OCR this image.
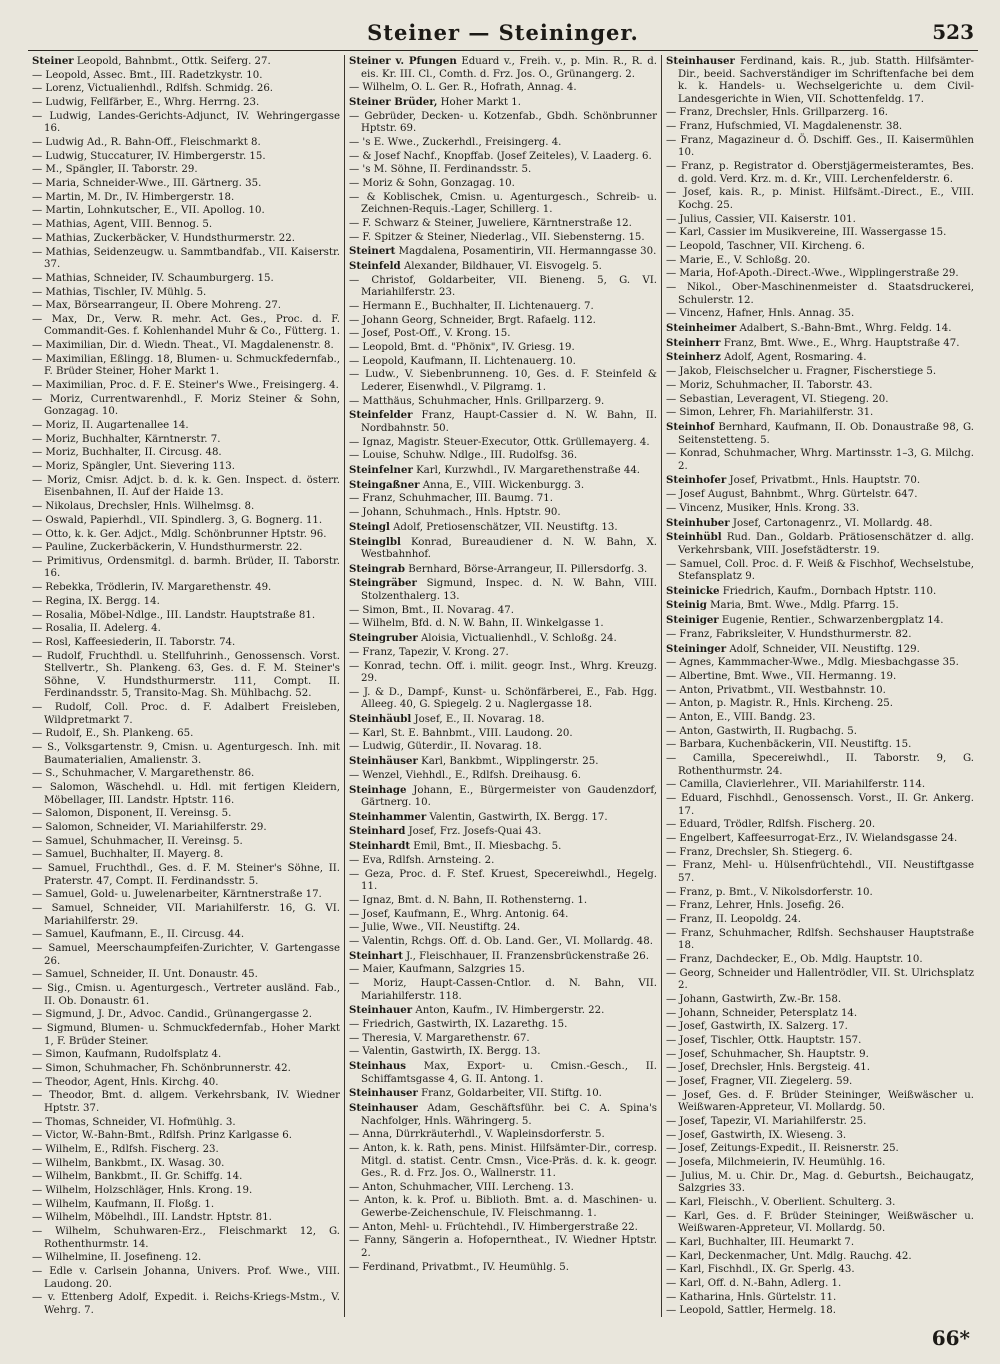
Steiner — Steininger.	523

Steiner Leopold, Bahnbmt., Ottk. Seiferg. 27.

— Leopold, Assec. Bmt., III. Radetzkystr. 10.

— Lorenz, Victualienhdl., Rdlfsh. Schmidg. 26.

— Ludwig, Fellfärber, E., Whrg. Herrng. 23.

— Ludwig, Landes-Gerichts-Adjunct, IV. Wehringergasse 16.

— Ludwig Ad., R. Bahn-Off., Fleischmarkt 8.

— Ludwig, Stuccaturer, IV. Himbergerstr. 15.

— M., Spängler, II. Taborstr. 29.

— Maria, Schneider-Wwe., III. Gärtnerg. 35.

— Martin, M. Dr., IV. Himbergerstr. 18.

— Martin, Lohnkutscher, E., VII. Apollog. 10.

— Mathias, Agent, VIII. Bennog. 5.

— Mathias, Zuckerbäcker, V. Hundsthurmerstr. 22.

— Mathias, Seidenzeugw. u. Sammtbandfab., VII. Kaiserstr. 37.

— Mathias, Schneider, IV. Schaumburgerg. 15.

— Mathias, Tischler, IV. Mühlg. 5.

— Max, Börsearrangeur, II. Obere Mohreng. 27.

— Max, Dr., Verw. R. mehr. Act. Ges., Proc. d. F. Commandit-Ges. f. Kohlenhandel Muhr & Co., Fütterg. 1.

— Maximilian, Dir. d. Wiedn. Theat., VI. Magdalenenstr. 8.

— Maximilian, Eßlingg. 18, Blumen- u. Schmuckfedernfab., F. Brüder Steiner, Hoher Markt 1.

— Maximilian, Proc. d. F. E. Steiner's Wwe., Freisingerg. 4.

— Moriz, Currentwarenhdl., F. Moriz Steiner & Sohn, Gonzagag. 10.

— Moriz, II. Augartenallee 14.

— Moriz, Buchhalter, Kärntnerstr. 7.

— Moriz, Buchhalter, II. Circusg. 48.

— Moriz, Spängler, Unt. Sievering 113.

— Moriz, Cmisr. Adjct. b. d. k. k. Gen. Inspect. d. österr. Eisenbahnen, II. Auf der Haide 13.

— Nikolaus, Drechsler, Hnls. Wilhelmsg. 8.

— Oswald, Papierhdl., VII. Spindlerg. 3, G. Bognerg. 11.

— Otto, k. k. Ger. Adjct., Mdlg. Schönbrunner Hptstr. 96.

— Pauline, Zuckerbäckerin, V. Hundsthurmerstr. 22.

— Primitivus, Ordensmitgl. d. barmh. Brüder, II. Taborstr. 16.

— Rebekka, Trödlerin, IV. Margarethenstr. 49.

— Regina, IX. Bergg. 14.

— Rosalia, Möbel-Ndlge., III. Landstr. Hauptstraße 81.

— Rosalia, II. Adelerg. 4.

— Rosl, Kaffeesiederin, II. Taborstr. 74.

— Rudolf, Fruchthdl. u. Stellfuhrinh., Genossensch. Vorst. Stellvertr., Sh. Plankeng. 63, Ges. d. F. M. Steiner's Söhne, V. Hundsthurmerstr. 111, Compt. II. Ferdinandsstr. 5, Transito-Mag. Sh. Mühlbachg. 52.

— Rudolf, Coll. Proc. d. F. Adalbert Freisleben, Wildpretmarkt 7.

— Rudolf, E., Sh. Plankeng. 65.

— S., Volksgartenstr. 9, Cmisn. u. Agenturgesch. Inh. mit Baumaterialien, Amalienstr. 3.

— S., Schuhmacher, V. Margarethenstr. 86.

— Salomon, Wäschehdl. u. Hdl. mit fertigen Kleidern, Möbellager, III. Landstr. Hptstr. 116.

— Salomon, Disponent, II. Vereinsg. 5.

— Salomon, Schneider, VI. Mariahilferstr. 29.

— Samuel, Schuhmacher, II. Vereinsg. 5.

— Samuel, Buchhalter, II. Mayerg. 8.

— Samuel, Fruchthdl., Ges. d. F. M. Steiner's Söhne, II. Praterstr. 47, Compt. II. Ferdinandsstr. 5.

— Samuel, Gold- u. Juwelenarbeiter, Kärntnerstraße 17.

— Samuel, Schneider, VII. Mariahilferstr. 16, G. VI. Mariahilferstr. 29.

— Samuel, Kaufmann, E., II. Circusg. 44.

— Samuel, Meerschaumpfeifen-Zurichter, V. Gartengasse 26.

— Samuel, Schneider, II. Unt. Donaustr. 45.

— Sig., Cmisn. u. Agenturgesch., Vertreter ausländ. Fab., II. Ob. Donaustr. 61.

— Sigmund, J. Dr., Advoc. Candid., Grünangergasse 2.

— Sigmund, Blumen- u. Schmuckfedernfab., Hoher Markt 1, F. Brüder Steiner.

— Simon, Kaufmann, Rudolfsplatz 4.

— Simon, Schuhmacher, Fh. Schönbrunnerstr. 42.

— Theodor, Agent, Hnls. Kirchg. 40.

— Theodor, Bmt. d. allgem. Verkehrsbank, IV. Wiedner Hptstr. 37.

— Thomas, Schneider, VI. Hofmühlg. 3.

— Victor, W.-Bahn-Bmt., Rdlfsh. Prinz Karlgasse 6.

— Wilhelm, E., Rdlfsh. Fischerg. 23.

— Wilhelm, Bankbmt., IX. Wasag. 30.

— Wilhelm, Bankbmt., II. Gr. Schiffg. 14.

— Wilhelm, Holzschläger, Hnls. Krong. 19.

— Wilhelm, Kaufmann, II. Floßg. 1.

— Wilhelm, Möbelhdl., III. Landstr. Hptstr. 81.

— Wilhelm, Schuhwaren-Erz., Fleischmarkt 12, G. Rothenthurmstr. 14.

— Wilhelmine, II. Josefineng. 12.

— Edle v. Carlsein Johanna, Univers. Prof. Wwe., VIII. Laudong. 20.

— v. Ettenberg Adolf, Expedit. i. Reichs-Kriegs-Mstm., V. Wehrg. 7.

Steiner v. Pfungen Eduard v., Freih. v., p. Min. R., R. d. eis. Kr. III. Cl., Comth. d. Frz. Jos. O., Grünangerg. 2.

— Wilhelm, O. L. Ger. R., Hofrath, Annag. 4.

Steiner Brüder, Hoher Markt 1.

— Gebrüder, Decken- u. Kotzenfab., Gbdh. Schönbrunner Hptstr. 69.

— 's E. Wwe., Zuckerhdl., Freisingerg. 4.

— & Josef Nachf., Knopffab. (Josef Zeiteles), V. Laaderg. 6.

— 's M. Söhne, II. Ferdinandsstr. 5.

— Moriz & Sohn, Gonzagag. 10.

— & Koblischek, Cmisn. u. Agenturgesch., Schreib- u. Zeichnen-Requis.-Lager, Schillerg. 1.

— F. Schwarz & Steiner, Juweliere, Kärntnerstraße 12.

— F. Spitzer & Steiner, Niederlag., VII. Siebensterng. 15.

Steinert Magdalena, Posamentirin, VII. Hermanngasse 30.

Steinfeld Alexander, Bildhauer, VI. Eisvogelg. 5.

— Christof, Goldarbeiter, VII. Bieneng. 5, G. VI. Mariahilferstr. 23.

— Hermann E., Buchhalter, II. Lichtenauerg. 7.

— Johann Georg, Schneider, Brgt. Rafaelg. 112.

— Josef, Post-Off., V. Krong. 15.

— Leopold, Bmt. d. "Phönix", IV. Griesg. 19.

— Leopold, Kaufmann, II. Lichtenauerg. 10.

— Ludw., V. Siebenbrunneng. 10, Ges. d. F. Steinfeld & Lederer, Eisenwhdl., V. Pilgramg. 1.

— Matthäus, Schuhmacher, Hnls. Grillparzerg. 9.

Steinfelder Franz, Haupt-Cassier d. N. W. Bahn, II. Nordbahnstr. 50.

— Ignaz, Magistr. Steuer-Executor, Ottk. Grüllemayerg. 4.

— Louise, Schuhw. Ndlge., III. Rudolfsg. 36.

Steinfelner Karl, Kurzwhdl., IV. Margarethenstraße 44.

Steingaßner Anna, E., VIII. Wickenburgg. 3.

— Franz, Schuhmacher, III. Baumg. 71.

— Johann, Schuhmach., Hnls. Hptstr. 90.

Steingl Adolf, Pretiosenschätzer, VII. Neustiftg. 13.

Steinglbl Konrad, Bureaudiener d. N. W. Bahn, X. Westbahnhof.

Steingrab Bernhard, Börse-Arrangeur, II. Pillersdorfg. 3.

Steingräber Sigmund, Inspec. d. N. W. Bahn, VIII. Stolzenthalerg. 13.

— Simon, Bmt., II. Novarag. 47.

— Wilhelm, Bfd. d. N. W. Bahn, II. Winkelgasse 1.

Steingruber Aloisia, Victualienhdl., V. Schloßg. 24.

— Franz, Tapezir, V. Krong. 27.

— Konrad, techn. Off. i. milit. geogr. Inst., Whrg. Kreuzg. 29.

— J. & D., Dampf-, Kunst- u. Schönfärberei, E., Fab. Hgg. Alleeg. 40, G. Spiegelg. 2 u. Naglergasse 18.

Steinhäubl Josef, E., II. Novarag. 18.

— Karl, St. E. Bahnbmt., VIII. Laudong. 20.

— Ludwig, Güterdir., II. Novarag. 18.

Steinhäuser Karl, Bankbmt., Wipplingerstr. 25.

— Wenzel, Viehhdl., E., Rdlfsh. Dreihausg. 6.

Steinhage Johann, E., Bürgermeister von Gaudenzdorf, Gärtnerg. 10.

Steinhammer Valentin, Gastwirth, IX. Bergg. 17.

Steinhard Josef, Frz. Josefs-Quai 43.

Steinhardt Emil, Bmt., II. Miesbachg. 5.

— Eva, Rdlfsh. Arnsteing. 2.

— Geza, Proc. d. F. Stef. Kruest, Specereiwhdl., Hegelg. 11.

— Ignaz, Bmt. d. N. Bahn, II. Rothensterng. 1.

— Josef, Kaufmann, E., Whrg. Antonig. 64.

— Julie, Wwe., VII. Neustiftg. 24.

— Valentin, Rchgs. Off. d. Ob. Land. Ger., VI. Mollardg. 48.

Steinhart J., Fleischhauer, II. Franzensbrückenstraße 26.

— Maier, Kaufmann, Salzgries 15.

— Moriz, Haupt-Cassen-Cntlor. d. N. Bahn, VII. Mariahilferstr. 118.

Steinhauer Anton, Kaufm., IV. Himbergerstr. 22.

— Friedrich, Gastwirth, IX. Lazarethg. 15.

— Theresia, V. Margarethenstr. 67.

— Valentin, Gastwirth, IX. Bergg. 13.

Steinhaus Max, Export- u. Cmisn.-Gesch., II. Schiffamtsgasse 4, G. II. Antong. 1.

Steinhauser Franz, Goldarbeiter, VII. Stiftg. 10.

Steinhauser Adam, Geschäftsführ. bei C. A. Spina's Nachfolger, Hnls. Währingerg. 5.

— Anna, Dürrkräuterhdl., V. Wapleinsdorferstr. 5.

— Anton, k. k. Rath, pens. Minist. Hilfsämter-Dir., corresp. Mitgl. d. statist. Centr. Cmsn., Vice-Präs. d. k. k. geogr. Ges., R. d. Frz. Jos. O., Wallnerstr. 11.

— Anton, Schuhmacher, VIII. Lercheng. 13.

— Anton, k. k. Prof. u. Biblioth. Bmt. a. d. Maschinen- u. Gewerbe-Zeichenschule, IV. Fleischmanng. 1.

— Anton, Mehl- u. Früchtehdl., IV. Himbergerstraße 22.

— Fanny, Sängerin a. Hofoperntheat., IV. Wiedner Hptstr. 2.

— Ferdinand, Privatbmt., IV. Heumühlg. 5.

Steinhauser Ferdinand, kais. R., jub. Statth. Hilfsämter-Dir., beeid. Sachverständiger im Schriftenfache bei dem k. k. Handels- u. Wechselgerichte u. dem Civil-Landesgerichte in Wien, VII. Schottenfeldg. 17.

— Franz, Drechsler, Hnls. Grillparzerg. 16.

— Franz, Hufschmied, VI. Magdalenenstr. 38.

— Franz, Magazineur d. Ö. Dschiff. Ges., II. Kaisermühlen 10.

— Franz, p. Registrator d. Oberstjägermeisteramtes, Bes. d. gold. Verd. Krz. m. d. Kr., VIII. Lerchenfelderstr. 6.

— Josef, kais. R., p. Minist. Hilfsämt.-Direct., E., VIII. Kochg. 25.

— Julius, Cassier, VII. Kaiserstr. 101.

— Karl, Cassier im Musikvereine, III. Wassergasse 15.

— Leopold, Taschner, VII. Kircheng. 6.

— Marie, E., V. Schloßg. 20.

— Maria, Hof-Apoth.-Direct.-Wwe., Wipplingerstraße 29.

— Nikol., Ober-Maschinenmeister d. Staatsdruckerei, Schulerstr. 12.

— Vincenz, Hafner, Hnls. Annag. 35.

Steinheimer Adalbert, S.-Bahn-Bmt., Whrg. Feldg. 14.

Steinherr Franz, Bmt. Wwe., E., Whrg. Hauptstraße 47.

Steinherz Adolf, Agent, Rosmaring. 4.

— Jakob, Fleischselcher u. Fragner, Fischerstiege 5.

— Moriz, Schuhmacher, II. Taborstr. 43.

— Sebastian, Leveragent, VI. Stiegeng. 20.

— Simon, Lehrer, Fh. Mariahilferstr. 31.

Steinhof Bernhard, Kaufmann, II. Ob. Donaustraße 98, G. Seitenstetteng. 5.

— Konrad, Schuhmacher, Whrg. Martinsstr. 1–3, G. Milchg. 2.

Steinhofer Josef, Privatbmt., Hnls. Hauptstr. 70.

— Josef August, Bahnbmt., Whrg. Gürtelstr. 647.

— Vincenz, Musiker, Hnls. Krong. 33.

Steinhuber Josef, Cartonagenrz., VI. Mollardg. 48.

Steinhübl Rud. Dan., Goldarb. Prätiosenschätzer d. allg. Verkehrsbank, VIII. Josefstädterstr. 19.

— Samuel, Coll. Proc. d. F. Weiß & Fischhof, Wechselstube, Stefansplatz 9.

Steinicke Friedrich, Kaufm., Dornbach Hptstr. 110.

Steinig Maria, Bmt. Wwe., Mdlg. Pfarrg. 15.

Steiniger Eugenie, Rentier., Schwarzenbergplatz 14.

— Franz, Fabriksleiter, V. Hundsthurmerstr. 82.

Steininger Adolf, Schneider, VII. Neustiftg. 129.

— Agnes, Kammmacher-Wwe., Mdlg. Miesbachgasse 35.

— Albertine, Bmt. Wwe., VII. Hermanng. 19.

— Anton, Privatbmt., VII. Westbahnstr. 10.

— Anton, p. Magistr. R., Hnls. Kircheng. 25.

— Anton, E., VIII. Bandg. 23.

— Anton, Gastwirth, II. Rugbachg. 5.

— Barbara, Kuchenbäckerin, VII. Neustiftg. 15.

— Camilla, Specereiwhdl., II. Taborstr. 9, G. Rothenthurmstr. 24.

— Camilla, Clavierlehrer., VII. Mariahilferstr. 114.

— Eduard, Fischhdl., Genossensch. Vorst., II. Gr. Ankerg. 17.

— Eduard, Trödler, Rdlfsh. Fischerg. 20.

— Engelbert, Kaffeesurrogat-Erz., IV. Wielandsgasse 24.

— Franz, Drechsler, Sh. Stiegerg. 6.

— Franz, Mehl- u. Hülsenfrüchtehdl., VII. Neustiftgasse 57.

— Franz, p. Bmt., V. Nikolsdorferstr. 10.

— Franz, Lehrer, Hnls. Josefig. 26.

— Franz, II. Leopoldg. 24.

— Franz, Schuhmacher, Rdlfsh. Sechshauser Hauptstraße 18.

— Franz, Dachdecker, E., Ob. Mdlg. Hauptstr. 10.

— Georg, Schneider und Hallentrödler, VII. St. Ulrichsplatz 2.

— Johann, Gastwirth, Zw.-Br. 158.

— Johann, Schneider, Petersplatz 14.

— Josef, Gastwirth, IX. Salzerg. 17.

— Josef, Tischler, Ottk. Hauptstr. 157.

— Josef, Schuhmacher, Sh. Hauptstr. 9.

— Josef, Drechsler, Hnls. Bergsteig. 41.

— Josef, Fragner, VII. Ziegelerg. 59.

— Josef, Ges. d. F. Brüder Steininger, Weißwäscher u. Weißwaren-Appreteur, VI. Mollardg. 50.

— Josef, Tapezir, VI. Mariahilferstr. 25.

— Josef, Gastwirth, IX. Wieseng. 3.

— Josef, Zeitungs-Expedit., II. Reisnerstr. 25.

— Josefa, Milchmeierin, IV. Heumühlg. 16.

— Julius, M. u. Chir. Dr., Mag. d. Geburtsh., Beichaugatz, Salzgries 33.

— Karl, Fleischh., V. Oberlient. Schulterg. 3.

— Karl, Ges. d. F. Brüder Steininger, Weißwäscher u. Weißwaren-Appreteur, VI. Mollardg. 50.

— Karl, Buchhalter, III. Heumarkt 7.

— Karl, Deckenmacher, Unt. Mdlg. Rauchg. 42.

— Karl, Fischhdl., IX. Gr. Sperlg. 43.

— Karl, Off. d. N.-Bahn, Adlerg. 1.

— Katharina, Hnls. Gürtelstr. 11.

— Leopold, Sattler, Hermelg. 18.

66*
